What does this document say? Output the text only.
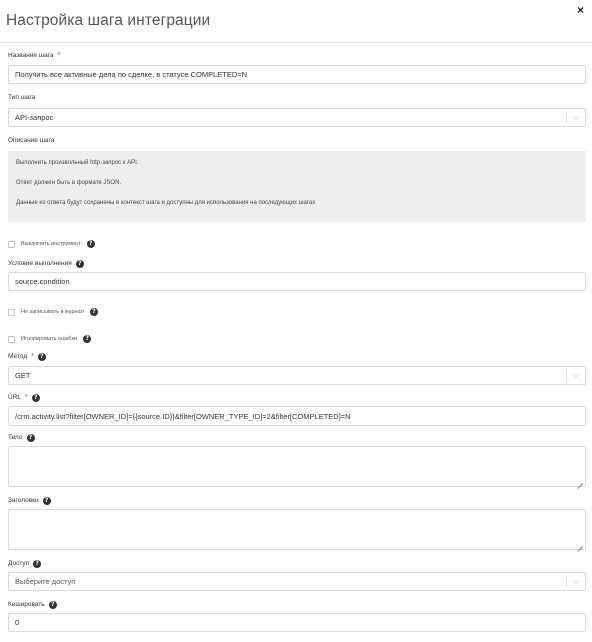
Настройка шага интеграции
×
Название шага *
Получить все активные дела по сделке, в статусе COMPLETED=N
Тип шага
API-запрос	⌵
Описание шага

Выполнить произвольный http-запрос к API.

Ответ должен быть в формате JSON.

Данные из ответа будут сохранены в контекст шага и доступны для использования на последующих шагах

Выключить инструмент	?
Условие выполнения	?
source.condition
Не записывать в журнал	?
Игнорировать ошибки	?
Метод *	?
GET	⌵
URL *	?
/crm.activity.list?filter[OWNER_ID]={{source.ID}}&filter[OWNER_TYPE_ID]=2&filter[COMPLETED]=N
Тело	?
Заголовки	?
Доступ	?
Выберите доступ	⌵
Кешировать	?
0
